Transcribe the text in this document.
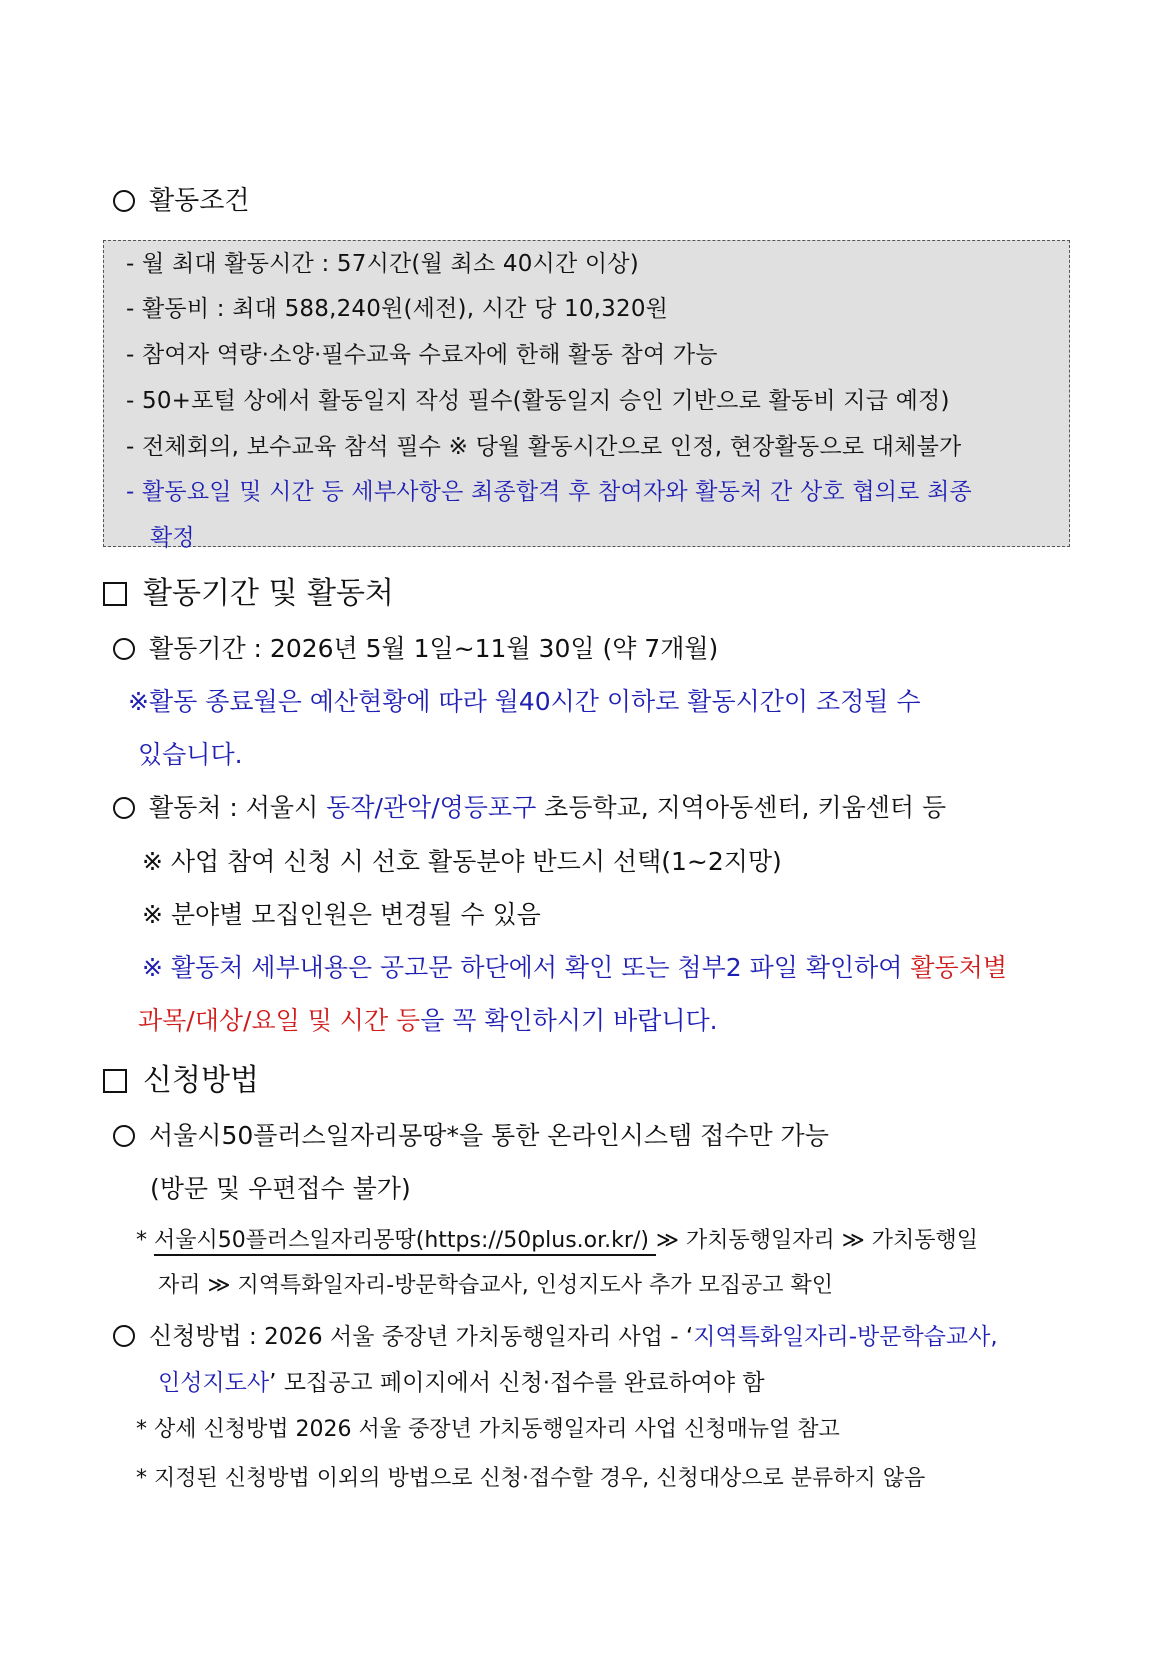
활동조건
- 월 최대 활동시간 : 57시간(월 최소 40시간 이상)
- 활동비 : 최대 588,240원(세전), 시간 당 10,320원
- 참여자 역량·소양·필수교육 수료자에 한해 활동 참여 가능
- 50+포털 상에서 활동일지 작성 필수(활동일지 승인 기반으로 활동비 지급 예정)
- 전체회의, 보수교육 참석 필수 ※ 당월 활동시간으로 인정, 현장활동으로 대체불가
- 활동요일 및 시간 등 세부사항은 최종합격 후 참여자와 활동처 간 상호 협의로 최종
확정
활동기간 및 활동처
활동기간 : 2026년 5월 1일~11월 30일 (약 7개월)
※활동 종료월은 예산현황에 따라 월40시간 이하로 활동시간이 조정될 수
있습니다.
활동처 : 서울시 동작/관악/영등포구 초등학교, 지역아동센터, 키움센터 등
※ 사업 참여 신청 시 선호 활동분야 반드시 선택(1~2지망)
※ 분야별 모집인원은 변경될 수 있음
※ 활동처 세부내용은 공고문 하단에서 확인 또는 첨부2 파일 확인하여 활동처별
과목/대상/요일 및 시간 등을 꼭 확인하시기 바랍니다.
신청방법
서울시50플러스일자리몽땅*을 통한 온라인시스템 접수만 가능
(방문 및 우편접수 불가)
* 서울시50플러스일자리몽땅(https://50plus.or.kr/) ≫ 가치동행일자리 ≫ 가치동행일
자리 ≫ 지역특화일자리-방문학습교사, 인성지도사 추가 모집공고 확인
신청방법 : 2026 서울 중장년 가치동행일자리 사업 - ‘지역특화일자리-방문학습교사,
인성지도사’ 모집공고 페이지에서 신청·접수를 완료하여야 함
* 상세 신청방법 2026 서울 중장년 가치동행일자리 사업 신청매뉴얼 참고
* 지정된 신청방법 이외의 방법으로 신청·접수할 경우, 신청대상으로 분류하지 않음
